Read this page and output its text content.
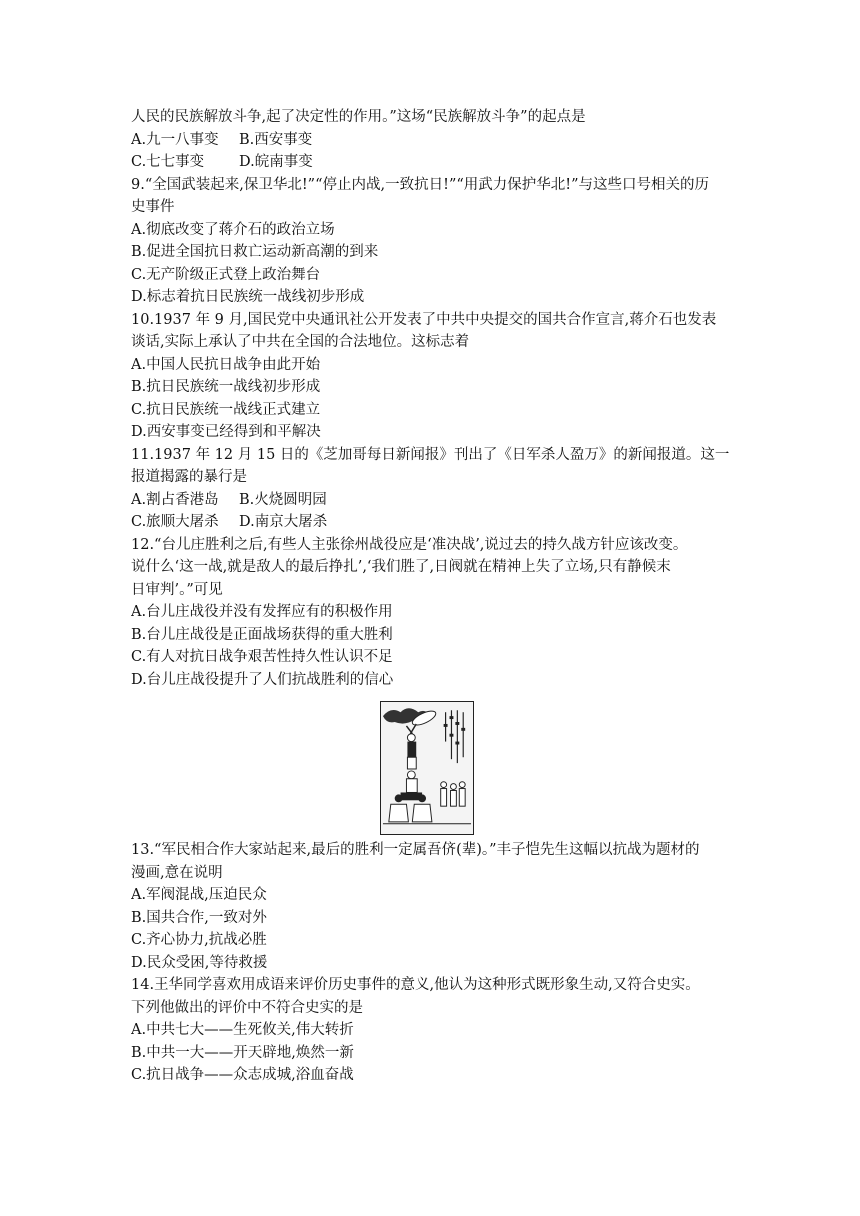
人民的民族解放斗争,起了决定性的作用。”这场“民族解放斗争”的起点是
A.九一八事变 B.西安事变
C.七七事变 D.皖南事变
9.“全国武装起来,保卫华北!”“停止内战,一致抗日!”“用武力保护华北!”与这些口号相关的历
史事件
A.彻底改变了蒋介石的政治立场
B.促进全国抗日救亡运动新高潮的到来
C.无产阶级正式登上政治舞台
D.标志着抗日民族统一战线初步形成
10.1937 年 9 月,国民党中央通讯社公开发表了中共中央提交的国共合作宣言,蒋介石也发表
谈话,实际上承认了中共在全国的合法地位。这标志着
A.中国人民抗日战争由此开始
B.抗日民族统一战线初步形成
C.抗日民族统一战线正式建立
D.西安事变已经得到和平解决
11.1937 年 12 月 15 日的《芝加哥每日新闻报》刊出了《日军杀人盈万》的新闻报道。这一
报道揭露的暴行是
A.割占香港岛 B.火烧圆明园
C.旅顺大屠杀 D.南京大屠杀
12.“台儿庄胜利之后,有些人主张徐州战役应是‘准决战’,说过去的持久战方针应该改变。
说什么‘这一战,就是敌人的最后挣扎’,‘我们胜了,日阀就在精神上失了立场,只有静候末
日审判’。”可见
A.台儿庄战役并没有发挥应有的积极作用
B.台儿庄战役是正面战场获得的重大胜利
C.有人对抗日战争艰苦性持久性认识不足
D.台儿庄战役提升了人们抗战胜利的信心
13.“军民相合作大家站起来,最后的胜利一定属吾侪(辈)。”丰子恺先生这幅以抗战为题材的
漫画,意在说明
A.军阀混战,压迫民众
B.国共合作,一致对外
C.齐心协力,抗战必胜
D.民众受困,等待救援
14.王华同学喜欢用成语来评价历史事件的意义,他认为这种形式既形象生动,又符合史实。
下列他做出的评价中不符合史实的是
A.中共七大——生死攸关,伟大转折
B.中共一大——开天辟地,焕然一新
C.抗日战争——众志成城,浴血奋战
